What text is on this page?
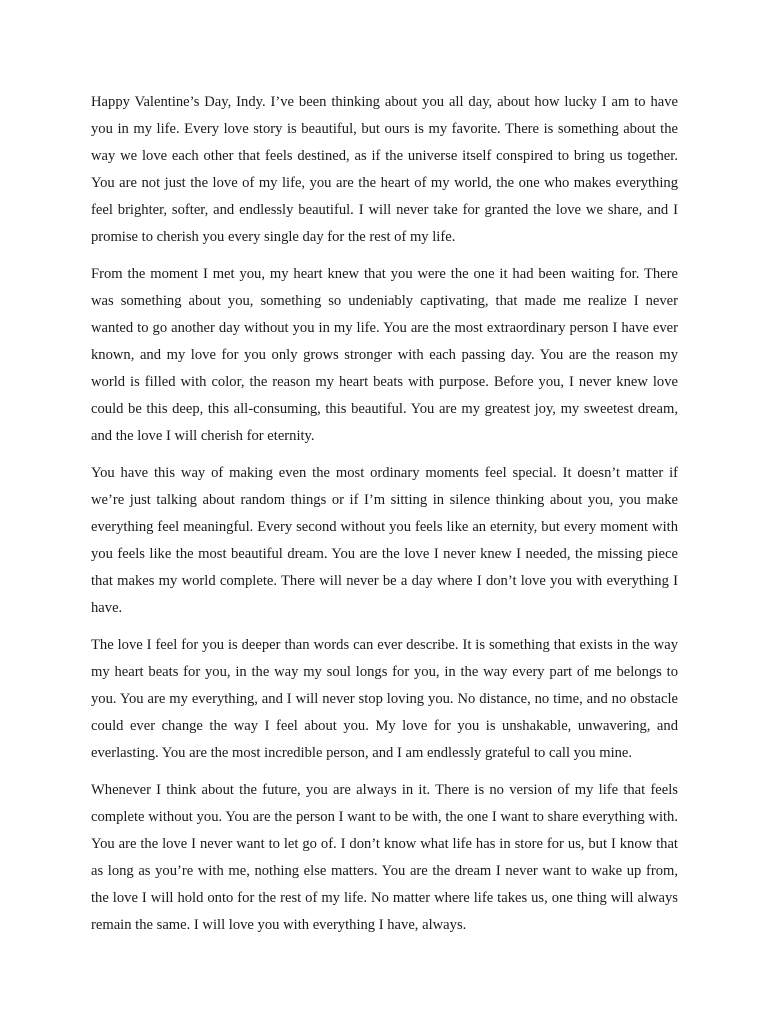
Happy Valentine’s Day, Indy. I’ve been thinking about you all day, about how lucky I am to have you in my life. Every love story is beautiful, but ours is my favorite. There is something about the way we love each other that feels destined, as if the universe itself conspired to bring us together. You are not just the love of my life, you are the heart of my world, the one who makes everything feel brighter, softer, and endlessly beautiful. I will never take for granted the love we share, and I promise to cherish you every single day for the rest of my life.

From the moment I met you, my heart knew that you were the one it had been waiting for. There was something about you, something so undeniably captivating, that made me realize I never wanted to go another day without you in my life. You are the most extraordinary person I have ever known, and my love for you only grows stronger with each passing day. You are the reason my world is filled with color, the reason my heart beats with purpose. Before you, I never knew love could be this deep, this all-consuming, this beautiful. You are my greatest joy, my sweetest dream, and the love I will cherish for eternity.

You have this way of making even the most ordinary moments feel special. It doesn’t matter if we’re just talking about random things or if I’m sitting in silence thinking about you, you make everything feel meaningful. Every second without you feels like an eternity, but every moment with you feels like the most beautiful dream. You are the love I never knew I needed, the missing piece that makes my world complete. There will never be a day where I don’t love you with everything I have.

The love I feel for you is deeper than words can ever describe. It is something that exists in the way my heart beats for you, in the way my soul longs for you, in the way every part of me belongs to you. You are my everything, and I will never stop loving you. No distance, no time, and no obstacle could ever change the way I feel about you. My love for you is unshakable, unwavering, and everlasting. You are the most incredible person, and I am endlessly grateful to call you mine.

Whenever I think about the future, you are always in it. There is no version of my life that feels complete without you. You are the person I want to be with, the one I want to share everything with. You are the love I never want to let go of. I don’t know what life has in store for us, but I know that as long as you’re with me, nothing else matters. You are the dream I never want to wake up from, the love I will hold onto for the rest of my life. No matter where life takes us, one thing will always remain the same. I will love you with everything I have, always.
